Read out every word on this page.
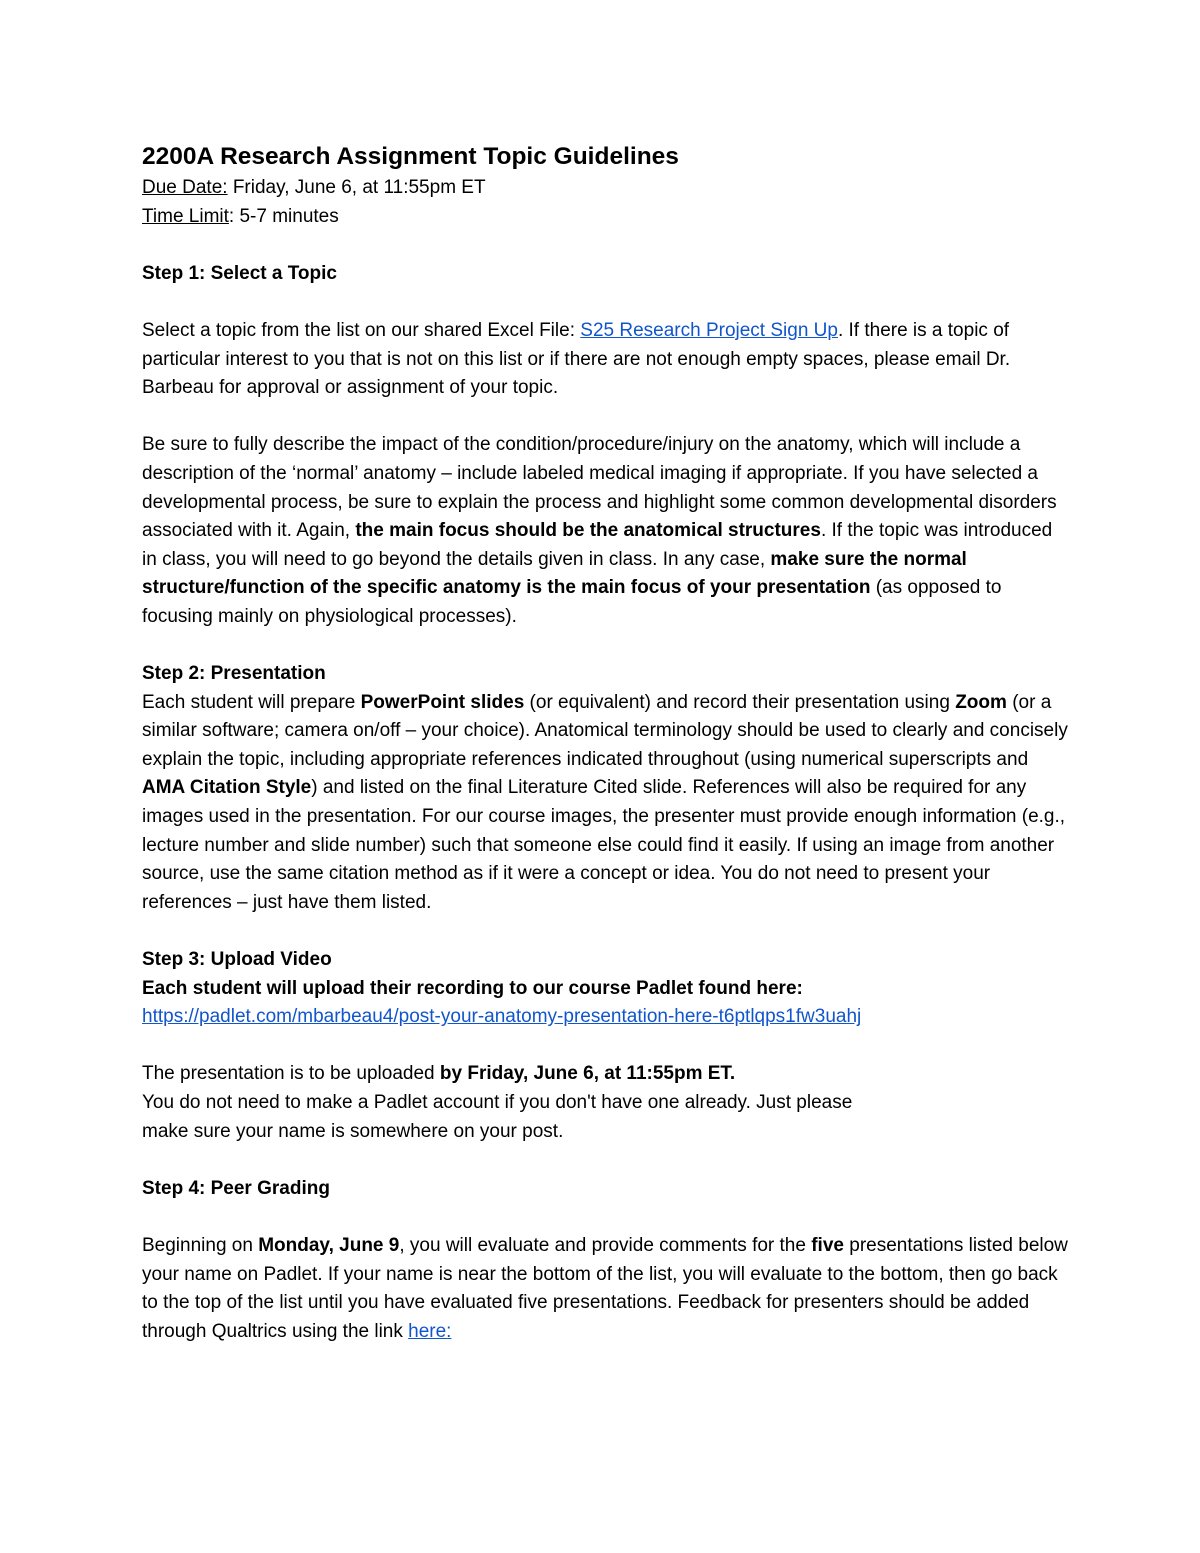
2200A Research Assignment Topic Guidelines

Due Date: Friday, June 6, at 11:55pm ET

Time Limit: 5-7 minutes

Step 1: Select a Topic

Select a topic from the list on our shared Excel File: S25 Research Project Sign Up. If there is a topic of particular interest to you that is not on this list or if there are not enough empty spaces, please email Dr. Barbeau for approval or assignment of your topic.

Be sure to fully describe the impact of the condition/procedure/injury on the anatomy, which will include a description of the ‘normal’ anatomy – include labeled medical imaging if appropriate. If you have selected a developmental process, be sure to explain the process and highlight some common developmental disorders associated with it. Again, the main focus should be the anatomical structures. If the topic was introduced in class, you will need to go beyond the details given in class. In any case, make sure the normal structure/function of the specific anatomy is the main focus of your presentation (as opposed to focusing mainly on physiological processes).

Step 2: Presentation

Each student will prepare PowerPoint slides (or equivalent) and record their presentation using Zoom (or a similar software; camera on/off – your choice). Anatomical terminology should be used to clearly and concisely explain the topic, including appropriate references indicated throughout (using numerical superscripts and AMA Citation Style) and listed on the final Literature Cited slide. References will also be required for any images used in the presentation. For our course images, the presenter must provide enough information (e.g., lecture number and slide number) such that someone else could find it easily. If using an image from another source, use the same citation method as if it were a concept or idea. You do not need to present your references – just have them listed.

Step 3: Upload Video

Each student will upload their recording to our course Padlet found here:

https://padlet.com/mbarbeau4/post-your-anatomy-presentation-here-t6ptlqps1fw3uahj

The presentation is to be uploaded by Friday, June 6, at 11:55pm ET.

You do not need to make a Padlet account if you don't have one already. Just please

make sure your name is somewhere on your post.

Step 4: Peer Grading

Beginning on Monday, June 9, you will evaluate and provide comments for the five presentations listed below your name on Padlet. If your name is near the bottom of the list, you will evaluate to the bottom, then go back to the top of the list until you have evaluated five presentations. Feedback for presenters should be added through Qualtrics using the link here:
